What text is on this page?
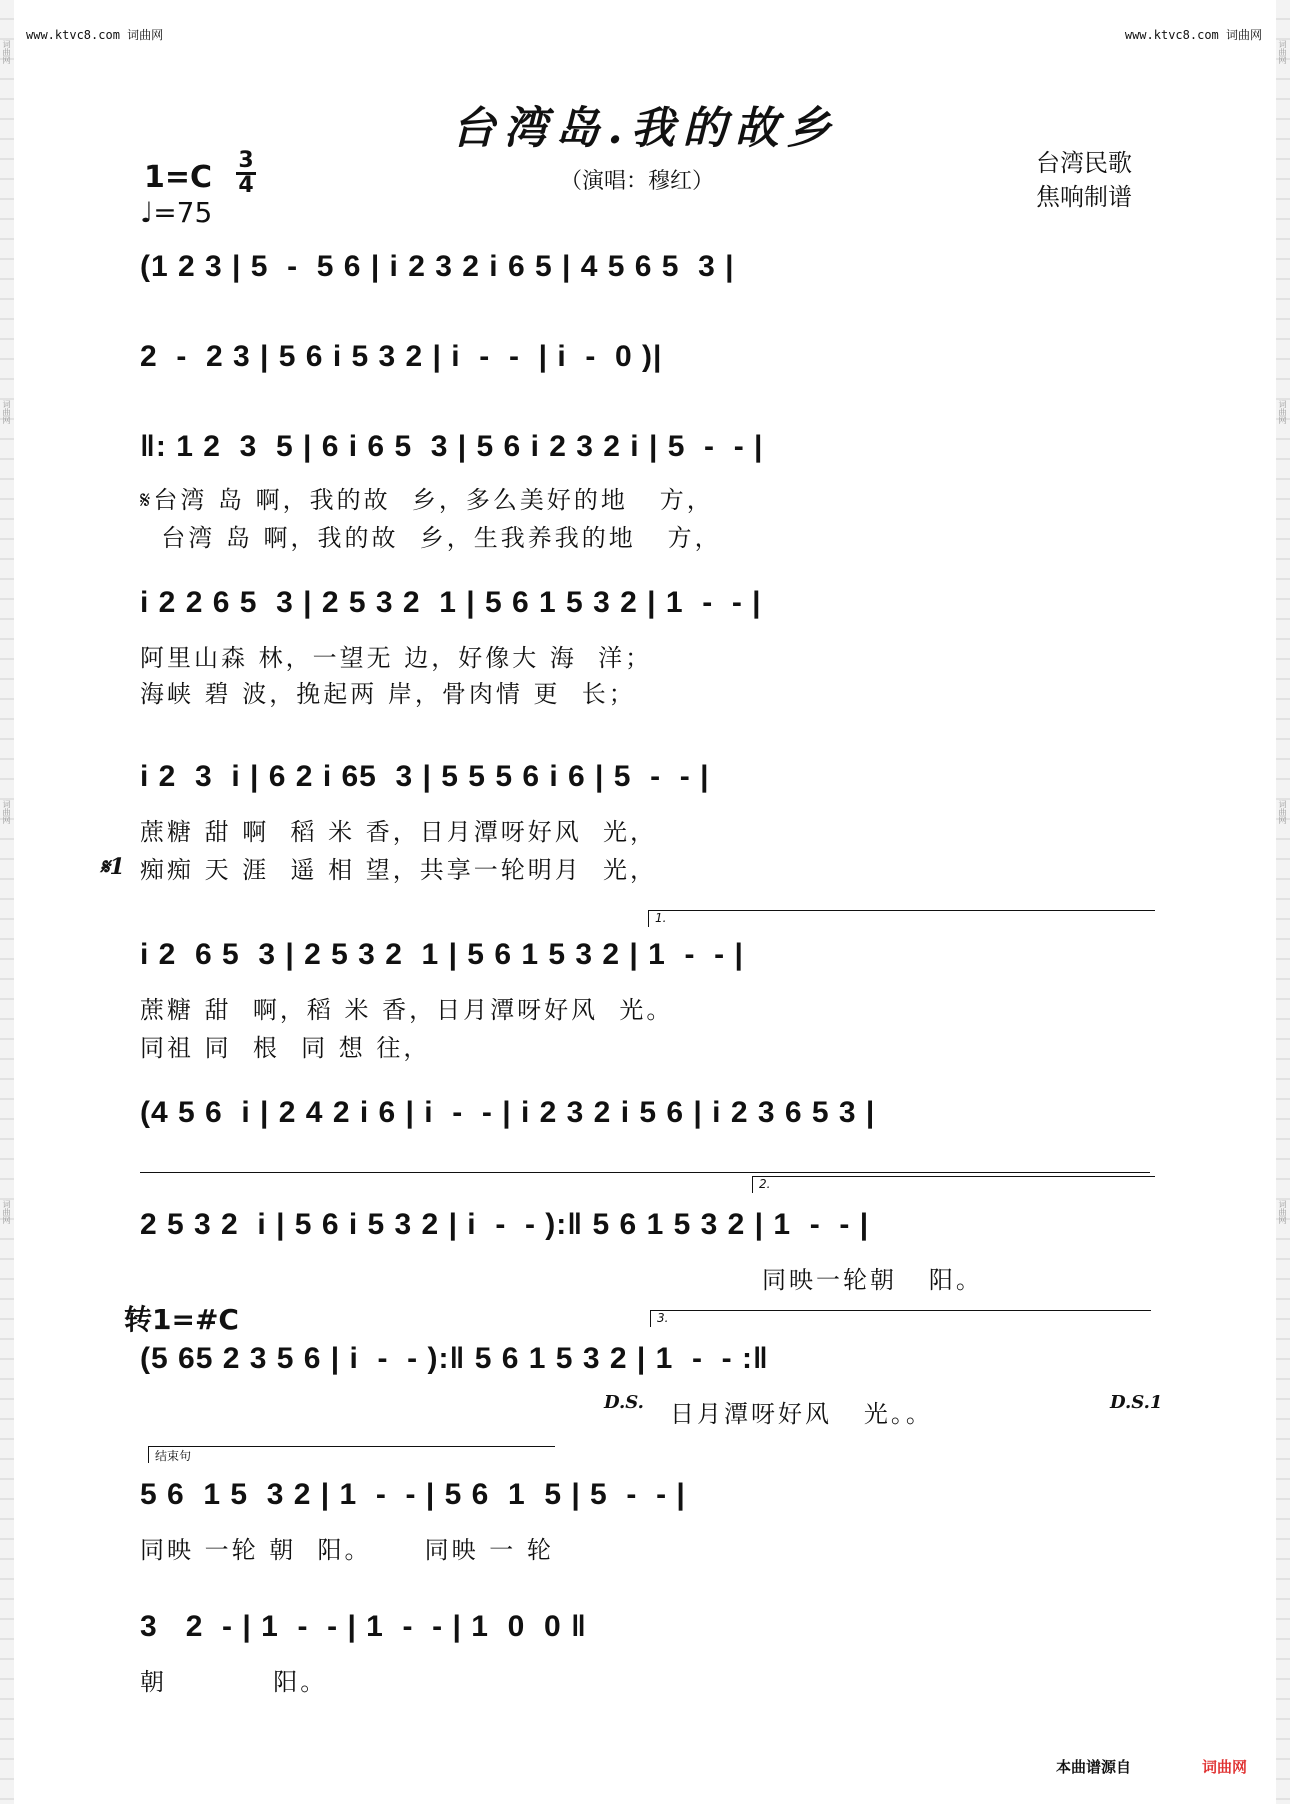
词曲网
词曲网
词曲网
词曲网
词曲网
词曲网
词曲网
词曲网
www.ktvc8.com 词曲网	www.ktvc8.com 词曲网
台湾岛.我的故乡
（演唱：穆红）
台湾民歌
焦响制谱
1=C 3
4
♩=75
(1 2 3 | 5  -  5 6 | i 2 3 2 i 6 5 | 4 5 6 5  3 |
2  -  2 3 | 5 6 i 5 3 2 | i  -  -  | i  -  0 )|
‖: 1 2  3  5 | 6 i 6 5  3 | 5 6 i 2 3 2 i | 5  -  - |
𝄋台湾 岛 啊，我的故  乡，多么美好的地   方，
台湾 岛 啊，我的故  乡，生我养我的地   方，
i 2 2 6 5  3 | 2 5 3 2  1 | 5 6 1 5 3 2 | 1  -  - |
阿里山森 林，一望无 边，好像大 海  洋；
海峡 碧 波，挽起两 岸，骨肉情 更  长；
i 2  3  i | 6 2 i 65  3 | 5 5 5 6 i 6 | 5  -  - |
蔗糖 甜 啊  稻 米 香，日月潭呀好风  光，
痴痴 天 涯  遥 相 望，共享一轮明月  光，
𝄋1
1.
i 2  6 5  3 | 2 5 3 2  1 | 5 6 1 5 3 2 | 1  -  - |
蔗糖 甜  啊，稻 米 香，日月潭呀好风  光。
同祖 同  根  同 想 往，
(4 5 6  i | 2 4 2 i 6 | i  -  - | i 2 3 2 i 5 6 | i 2 3 6 5 3 |
2.
2 5 3 2  i | 5 6 i 5 3 2 | i  -  - ):‖ 5 6 1 5 3 2 | 1  -  - |
同映一轮朝   阳。
转1=#C	3.
(5 65 2 3 5 6 | i  -  - ):‖ 5 6 1 5 3 2 | 1  -  - :‖
日月潭呀好风   光。。
D.S.	D.S.1
结束句
5 6  1 5  3 2 | 1  -  - | 5 6  1  5 | 5  -  - |
同映 一轮 朝  阳。     同映 一 轮
3   2  - | 1  -  - | 1  -  - | 1  0  0 ‖
朝          阳。
本曲谱源自	词曲网
